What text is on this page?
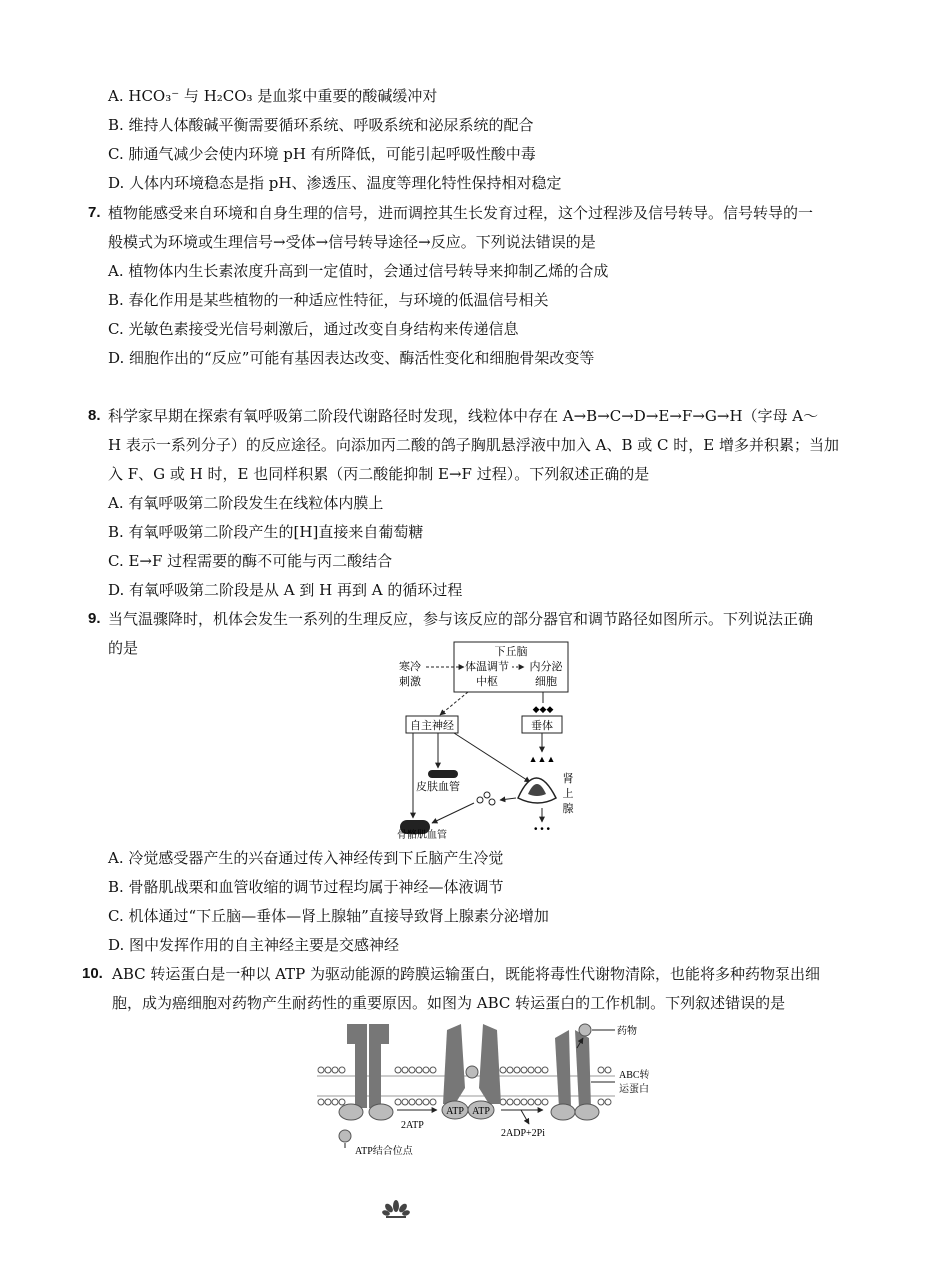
A. HCO₃⁻ 与 H₂CO₃ 是血浆中重要的酸碱缓冲对
B. 维持人体酸碱平衡需要循环系统、呼吸系统和泌尿系统的配合
C. 肺通气减少会使内环境 pH 有所降低，可能引起呼吸性酸中毒
D. 人体内环境稳态是指 pH、渗透压、温度等理化特性保持相对稳定
7. 植物能感受来自环境和自身生理的信号，进而调控其生长发育过程，这个过程涉及信号转导。信号转导的一
般模式为环境或生理信号→受体→信号转导途径→反应。下列说法错误的是
A. 植物体内生长素浓度升高到一定值时，会通过信号转导来抑制乙烯的合成
B. 春化作用是某些植物的一种适应性特征，与环境的低温信号相关
C. 光敏色素接受光信号刺激后，通过改变自身结构来传递信息
D. 细胞作出的“反应”可能有基因表达改变、酶活性变化和细胞骨架改变等
8. 科学家早期在探索有氧呼吸第二阶段代谢路径时发现，线粒体中存在 A→B→C→D→E→F→G→H（字母 A～
H 表示一系列分子）的反应途径。向添加丙二酸的鸽子胸肌悬浮液中加入 A、B 或 C 时，E 增多并积累；当加
入 F、G 或 H 时，E 也同样积累（丙二酸能抑制 E→F 过程）。下列叙述正确的是
A. 有氧呼吸第二阶段发生在线粒体内膜上
B. 有氧呼吸第二阶段产生的[H]直接来自葡萄糖
C. E→F 过程需要的酶不可能与丙二酸结合
D. 有氧呼吸第二阶段是从 A 到 H 再到 A 的循环过程
9. 当气温骤降时，机体会发生一系列的生理反应，参与该反应的部分器官和调节路径如图所示。下列说法正确
的是	下丘脑
体温调节
中枢
内分泌
细胞
寒冷
刺激
◆◆◆
自主神经	垂体
▲▲▲
皮肤血管
肾
上
腺
• • •
骨骼肌血管
A. 冷觉感受器产生的兴奋通过传入神经传到下丘脑产生冷觉
B. 骨骼肌战栗和血管收缩的调节过程均属于神经—体液调节
C. 机体通过“下丘脑—垂体—肾上腺轴”直接导致肾上腺素分泌增加
D. 图中发挥作用的自主神经主要是交感神经
10. ABC 转运蛋白是一种以 ATP 为驱动能源的跨膜运输蛋白，既能将毒性代谢物清除，也能将多种药物泵出细
胞，成为癌细胞对药物产生耐药性的重要原因。如图为 ABC 转运蛋白的工作机制。下列叙述错误的是
ATP结合位点
2ATP
ATP ATP
2ADP+2Pi
药物
ABC转
运蛋白
